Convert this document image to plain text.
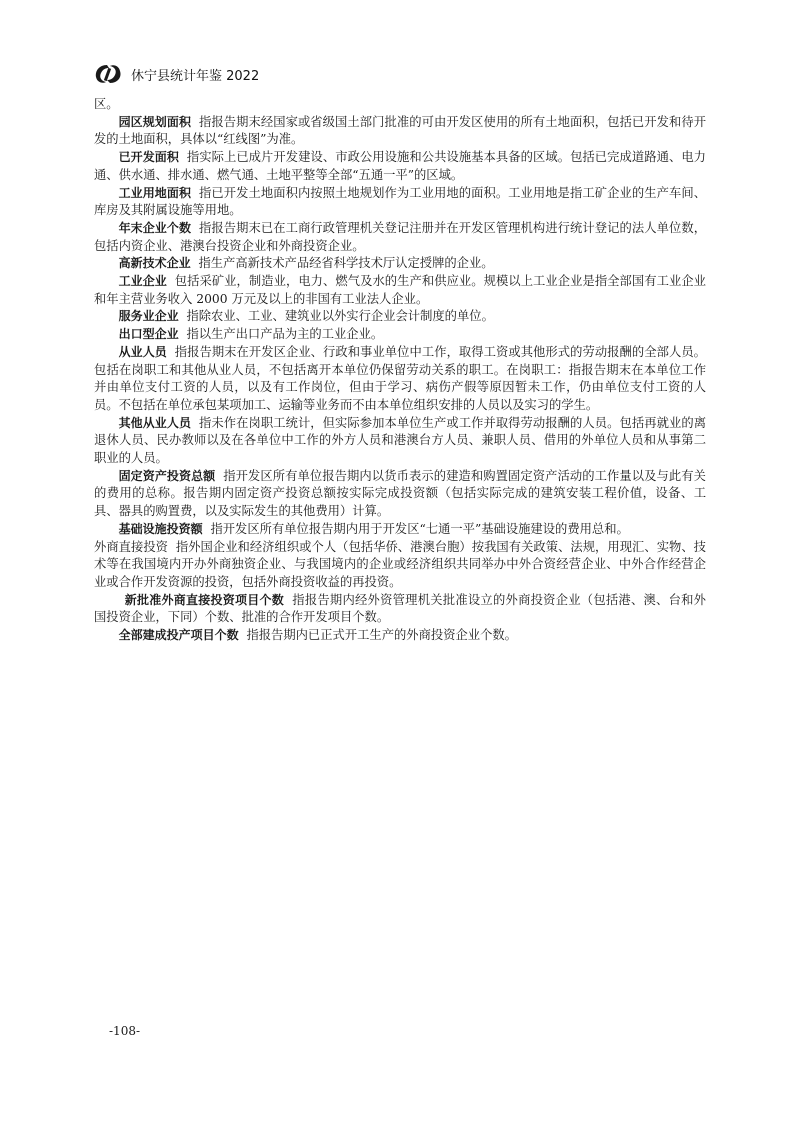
休宁县统计年鉴 2022

区。

园区规划面积 指报告期末经国家或省级国土部门批准的可由开发区使用的所有土地面积，包括已开发和待开发的土地面积，具体以“红线图”为准。

已开发面积 指实际上已成片开发建设、市政公用设施和公共设施基本具备的区域。包括已完成道路通、电力通、供水通、排水通、燃气通、土地平整等全部“五通一平”的区域。

工业用地面积 指已开发土地面积内按照土地规划作为工业用地的面积。工业用地是指工矿企业的生产车间、库房及其附属设施等用地。

年末企业个数 指报告期末已在工商行政管理机关登记注册并在开发区管理机构进行统计登记的法人单位数，包括内资企业、港澳台投资企业和外商投资企业。

高新技术企业 指生产高新技术产品经省科学技术厅认定授牌的企业。

工业企业 包括采矿业，制造业，电力、燃气及水的生产和供应业。规模以上工业企业是指全部国有工业企业和年主营业务收入 2000 万元及以上的非国有工业法人企业。

服务业企业 指除农业、工业、建筑业以外实行企业会计制度的单位。

出口型企业 指以生产出口产品为主的工业企业。

从业人员 指报告期末在开发区企业、行政和事业单位中工作，取得工资或其他形式的劳动报酬的全部人员。包括在岗职工和其他从业人员，不包括离开本单位仍保留劳动关系的职工。在岗职工：指报告期末在本单位工作并由单位支付工资的人员，以及有工作岗位，但由于学习、病伤产假等原因暂未工作，仍由单位支付工资的人员。不包括在单位承包某项加工、运输等业务而不由本单位组织安排的人员以及实习的学生。

其他从业人员 指未作在岗职工统计，但实际参加本单位生产或工作并取得劳动报酬的人员。包括再就业的离退休人员、民办教师以及在各单位中工作的外方人员和港澳台方人员、兼职人员、借用的外单位人员和从事第二职业的人员。

固定资产投资总额 指开发区所有单位报告期内以货币表示的建造和购置固定资产活动的工作量以及与此有关的费用的总称。报告期内固定资产投资总额按实际完成投资额（包括实际完成的建筑安装工程价值，设备、工具、器具的购置费，以及实际发生的其他费用）计算。

基础设施投资额 指开发区所有单位报告期内用于开发区“七通一平”基础设施建设的费用总和。

外商直接投资 指外国企业和经济组织或个人（包括华侨、港澳台胞）按我国有关政策、法规，用现汇、实物、技术等在我国境内开办外商独资企业、与我国境内的企业或经济组织共同举办中外合资经营企业、中外合作经营企业或合作开发资源的投资，包括外商投资收益的再投资。

新批准外商直接投资项目个数 指报告期内经外资管理机关批准设立的外商投资企业（包括港、澳、台和外国投资企业，下同）个数、批准的合作开发项目个数。

全部建成投产项目个数 指报告期内已正式开工生产的外商投资企业个数。

-108-
